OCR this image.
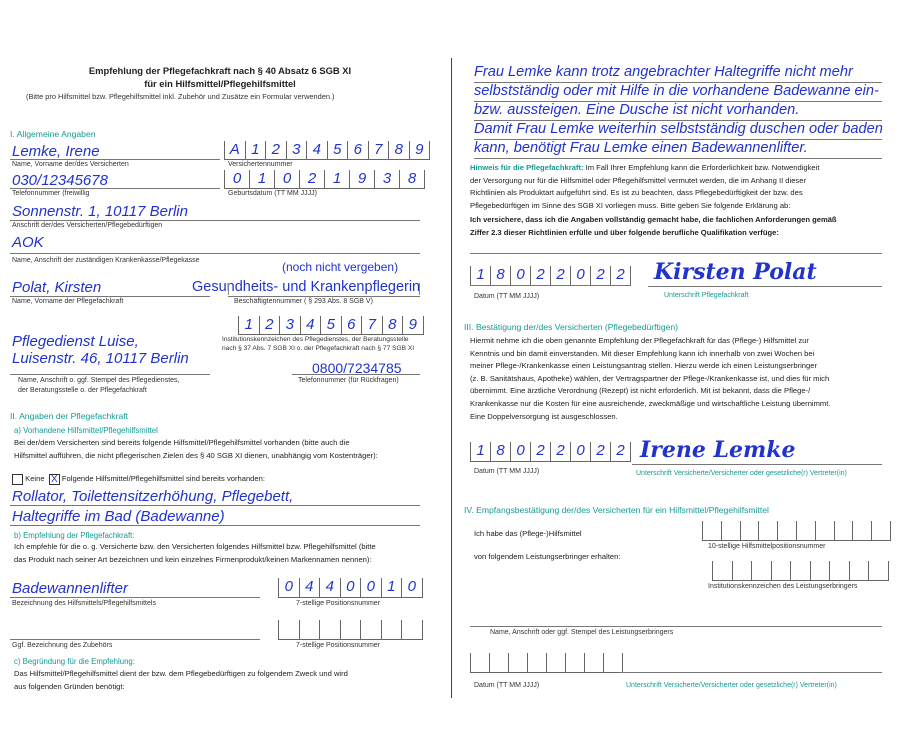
Empfehlung der Pflegefachkraft nach § 40 Absatz 6 SGB XI
für ein Hilfsmittel/Pflegehilfsmittel
(Bitte pro Hilfsmittel bzw. Pflegehilfsmittel inkl. Zubehör und Zusätze ein Formular verwenden.)
I. Allgemeine Angaben
Lemke, Irene
Name, Vorname der/des Versicherten
A 1 2 3 4 5 6 7 8 9
Versichertennummer
030/12345678
Telefonnummer (freiwillig
0	1	0	2	1	9	3	8
Geburtsdatum (TT MM JJJJ)
Sonnenstr. 1, 10117 Berlin
Anschrift der/des Versicherten/Pflegebedürftigen
AOK
Name, Anschrift der zuständigen Krankenkasse/Pflegekasse	(noch nicht vergeben)
Polat, Kirsten	Gesundheits- und Krankenpflegerin
Name, Vorname der Pflegefachkraft	Beschäftigtennummer ( § 293 Abs. 8 SGB V)
1 2 3 4 5 6 7 8 9
Institutionskennzeichen des Pflegedienstes, der Beratungsstelle
nach § 37 Abs. 7 SGB XI o. der Pflegefachkraft nach § 77 SGB XI
Pflegedienst Luise,
Luisenstr. 46, 10117 Berlin
0800/7234785
Name, Anschrift o. ggf. Stempel des Pflegedienstes,
der Beratungsstelle o. der Pflegefachkraft
Telefonnummer (für Rückfragen)
II. Angaben der Pflegefachkraft
a) Vorhandene Hilfsmittel/Pflegehilfsmittel
Bei der/dem Versicherten sind bereits folgende Hilfsmittel/Pflegehilfsmittel vorhanden (bitte auch die
Hilfsmittel aufführen, die nicht pflegerischen Zielen des § 40 SGB XI dienen, unabhängig vom Kostenträger):
Keine X Folgende Hilfsmittel/Pflegehilfsmittel sind bereits vorhanden:
Rollator, Toilettensitzerhöhung, Pflegebett,
Haltegriffe im Bad (Badewanne)
b) Empfehlung der Pflegefachkraft:
Ich empfehle für die o. g. Versicherte bzw. den Versicherten folgendes Hilfsmittel bzw. Pflegehilfsmittel (bitte
das Produkt nach seiner Art bezeichnen und kein einzelnes Firmenprodukt/keinen Markennamen nennen):
Badewannenlifter	0 4 4 0 0 1 0
Bezeichnung des Hilfsmittels/Pflegehilfsmittels	7-stellige Positionsnummer
Ggf. Bezeichnung des Zubehörs	7-stellige Positionsnummer
c) Begründung für die Empfehlung:
Das Hilfsmittel/Pflegehilfsmittel dient der bzw. dem Pflegebedürftigen zu folgendem Zweck und wird
aus folgenden Gründen benötigt:
Frau Lemke kann trotz angebrachter Haltegriffe nicht mehr
selbstständig oder mit Hilfe in die vorhandene Badewanne ein-
bzw. aussteigen. Eine Dusche ist nicht vorhanden.
Damit Frau Lemke weiterhin selbstständig duschen oder baden
kann, benötigt Frau Lemke einen Badewannenlifter.
Hinweis für die Pflegefachkraft: Im Fall Ihrer Empfehlung kann die Erforderlichkeit bzw. Notwendigkeit
der Versorgung nur für die Hilfsmittel oder Pflegehilfsmittel vermutet werden, die im Anhang II dieser
Richtlinien als Produktart aufgeführt sind. Es ist zu beachten, dass Pflegebedürftigkeit der bzw. des
Pflegebedürftigen im Sinne des SGB XI vorliegen muss. Bitte geben Sie folgende Erklärung ab:
Ich versichere, dass ich die Angaben vollständig gemacht habe, die fachlichen Anforderungen gemäß
Ziffer 2.3 dieser Richtlinien erfülle und über folgende berufliche Qualifikation verfüge:
1 8 0 2 2 0 2 2
Datum (TT MM JJJJ)
Kirsten Polat
Unterschrift Pflegefachkraft
III. Bestätigung der/des Versicherten (Pflegebedürftigen)
Hiermit nehme ich die oben genannte Empfehlung der Pflegefachkraft für das (Pflege-) Hilfsmittel zur
Kenntnis und bin damit einverstanden. Mit dieser Empfehlung kann ich innerhalb von zwei Wochen bei
meiner Pflege-/Krankenkasse einen Leistungsantrag stellen. Hierzu werde ich einen Leistungserbringer
(z. B. Sanitätshaus, Apotheke) wählen, der Vertragspartner der Pflege-/Krankenkasse ist, und dies für mich
übernimmt. Eine ärztliche Verordnung (Rezept) ist nicht erforderlich. Mit ist bekannt, dass die Pflege-/
Krankenkasse nur die Kosten für eine ausreichende, zweckmäßige und wirtschaftliche Leistung übernimmt.
Eine Doppelversorgung ist ausgeschlossen.
1 8 0 2 2 0 2 2
Datum (TT MM JJJJ)
Irene Lemke
Unterschrift Versicherte/Versicherter oder gesetzliche(r) Vertreter(in)
IV. Empfangsbestätigung der/des Versicherten für ein Hilfsmittel/Pflegehilfsmittel
Ich habe das (Pflege-)Hilfsmittel
10-stellige Hilfsmittelpositionsnummer
von folgendem Leistungserbringer erhalten:
Institutionskennzeichen des Leistungserbringers
Name, Anschrift oder ggf. Stempel des Leistungserbringers
Datum (TT MM JJJJ)	Unterschrift Versicherte/Versicherter oder gesetzliche(r) Vertreter(in)
